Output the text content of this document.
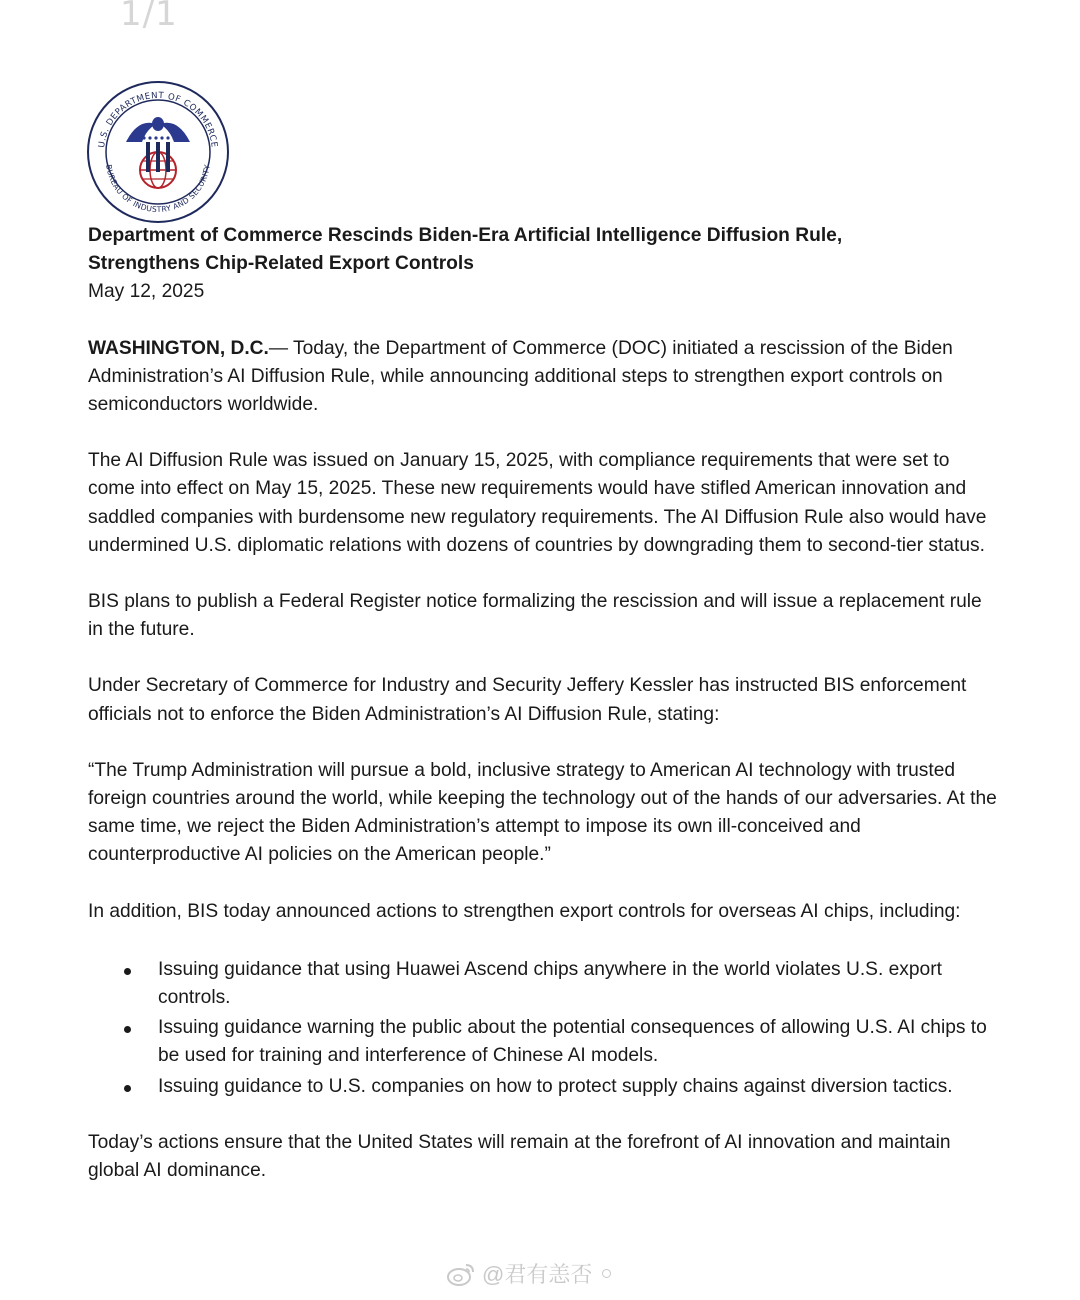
1/1
U.S. DEPARTMENT OF COMMERCE
BUREAU OF INDUSTRY AND SECURITY
Department of Commerce Rescinds Biden-Era Artificial Intelligence Diffusion Rule,
Strengthens Chip-Related Export Controls
May 12, 2025

WASHINGTON, D.C.— Today, the Department of Commerce (DOC) initiated a rescission of the Biden Administration’s AI Diffusion Rule, while announcing additional steps to strengthen export controls on semiconductors worldwide.

The AI Diffusion Rule was issued on January 15, 2025, with compliance requirements that were set to come into effect on May 15, 2025. These new requirements would have stifled American innovation and saddled companies with burdensome new regulatory requirements. The AI Diffusion Rule also would have undermined U.S. diplomatic relations with dozens of countries by downgrading them to second-tier status.

BIS plans to publish a Federal Register notice formalizing the rescission and will issue a replacement rule in the future.

Under Secretary of Commerce for Industry and Security Jeffery Kessler has instructed BIS enforcement officials not to enforce the Biden Administration’s AI Diffusion Rule, stating:

“The Trump Administration will pursue a bold, inclusive strategy to American AI technology with trusted foreign countries around the world, while keeping the technology out of the hands of our adversaries. At the same time, we reject the Biden Administration’s attempt to impose its own ill-conceived and counterproductive AI policies on the American people.”

In addition, BIS today announced actions to strengthen export controls for overseas AI chips, including:

Issuing guidance that using Huawei Ascend chips anywhere in the world violates U.S. export controls.
Issuing guidance warning the public about the potential consequences of allowing U.S. AI chips to be used for training and interference of Chinese AI models.
Issuing guidance to U.S. companies on how to protect supply chains against diversion tactics.

Today’s actions ensure that the United States will remain at the forefront of AI innovation and maintain global AI dominance.

@君有恙否
